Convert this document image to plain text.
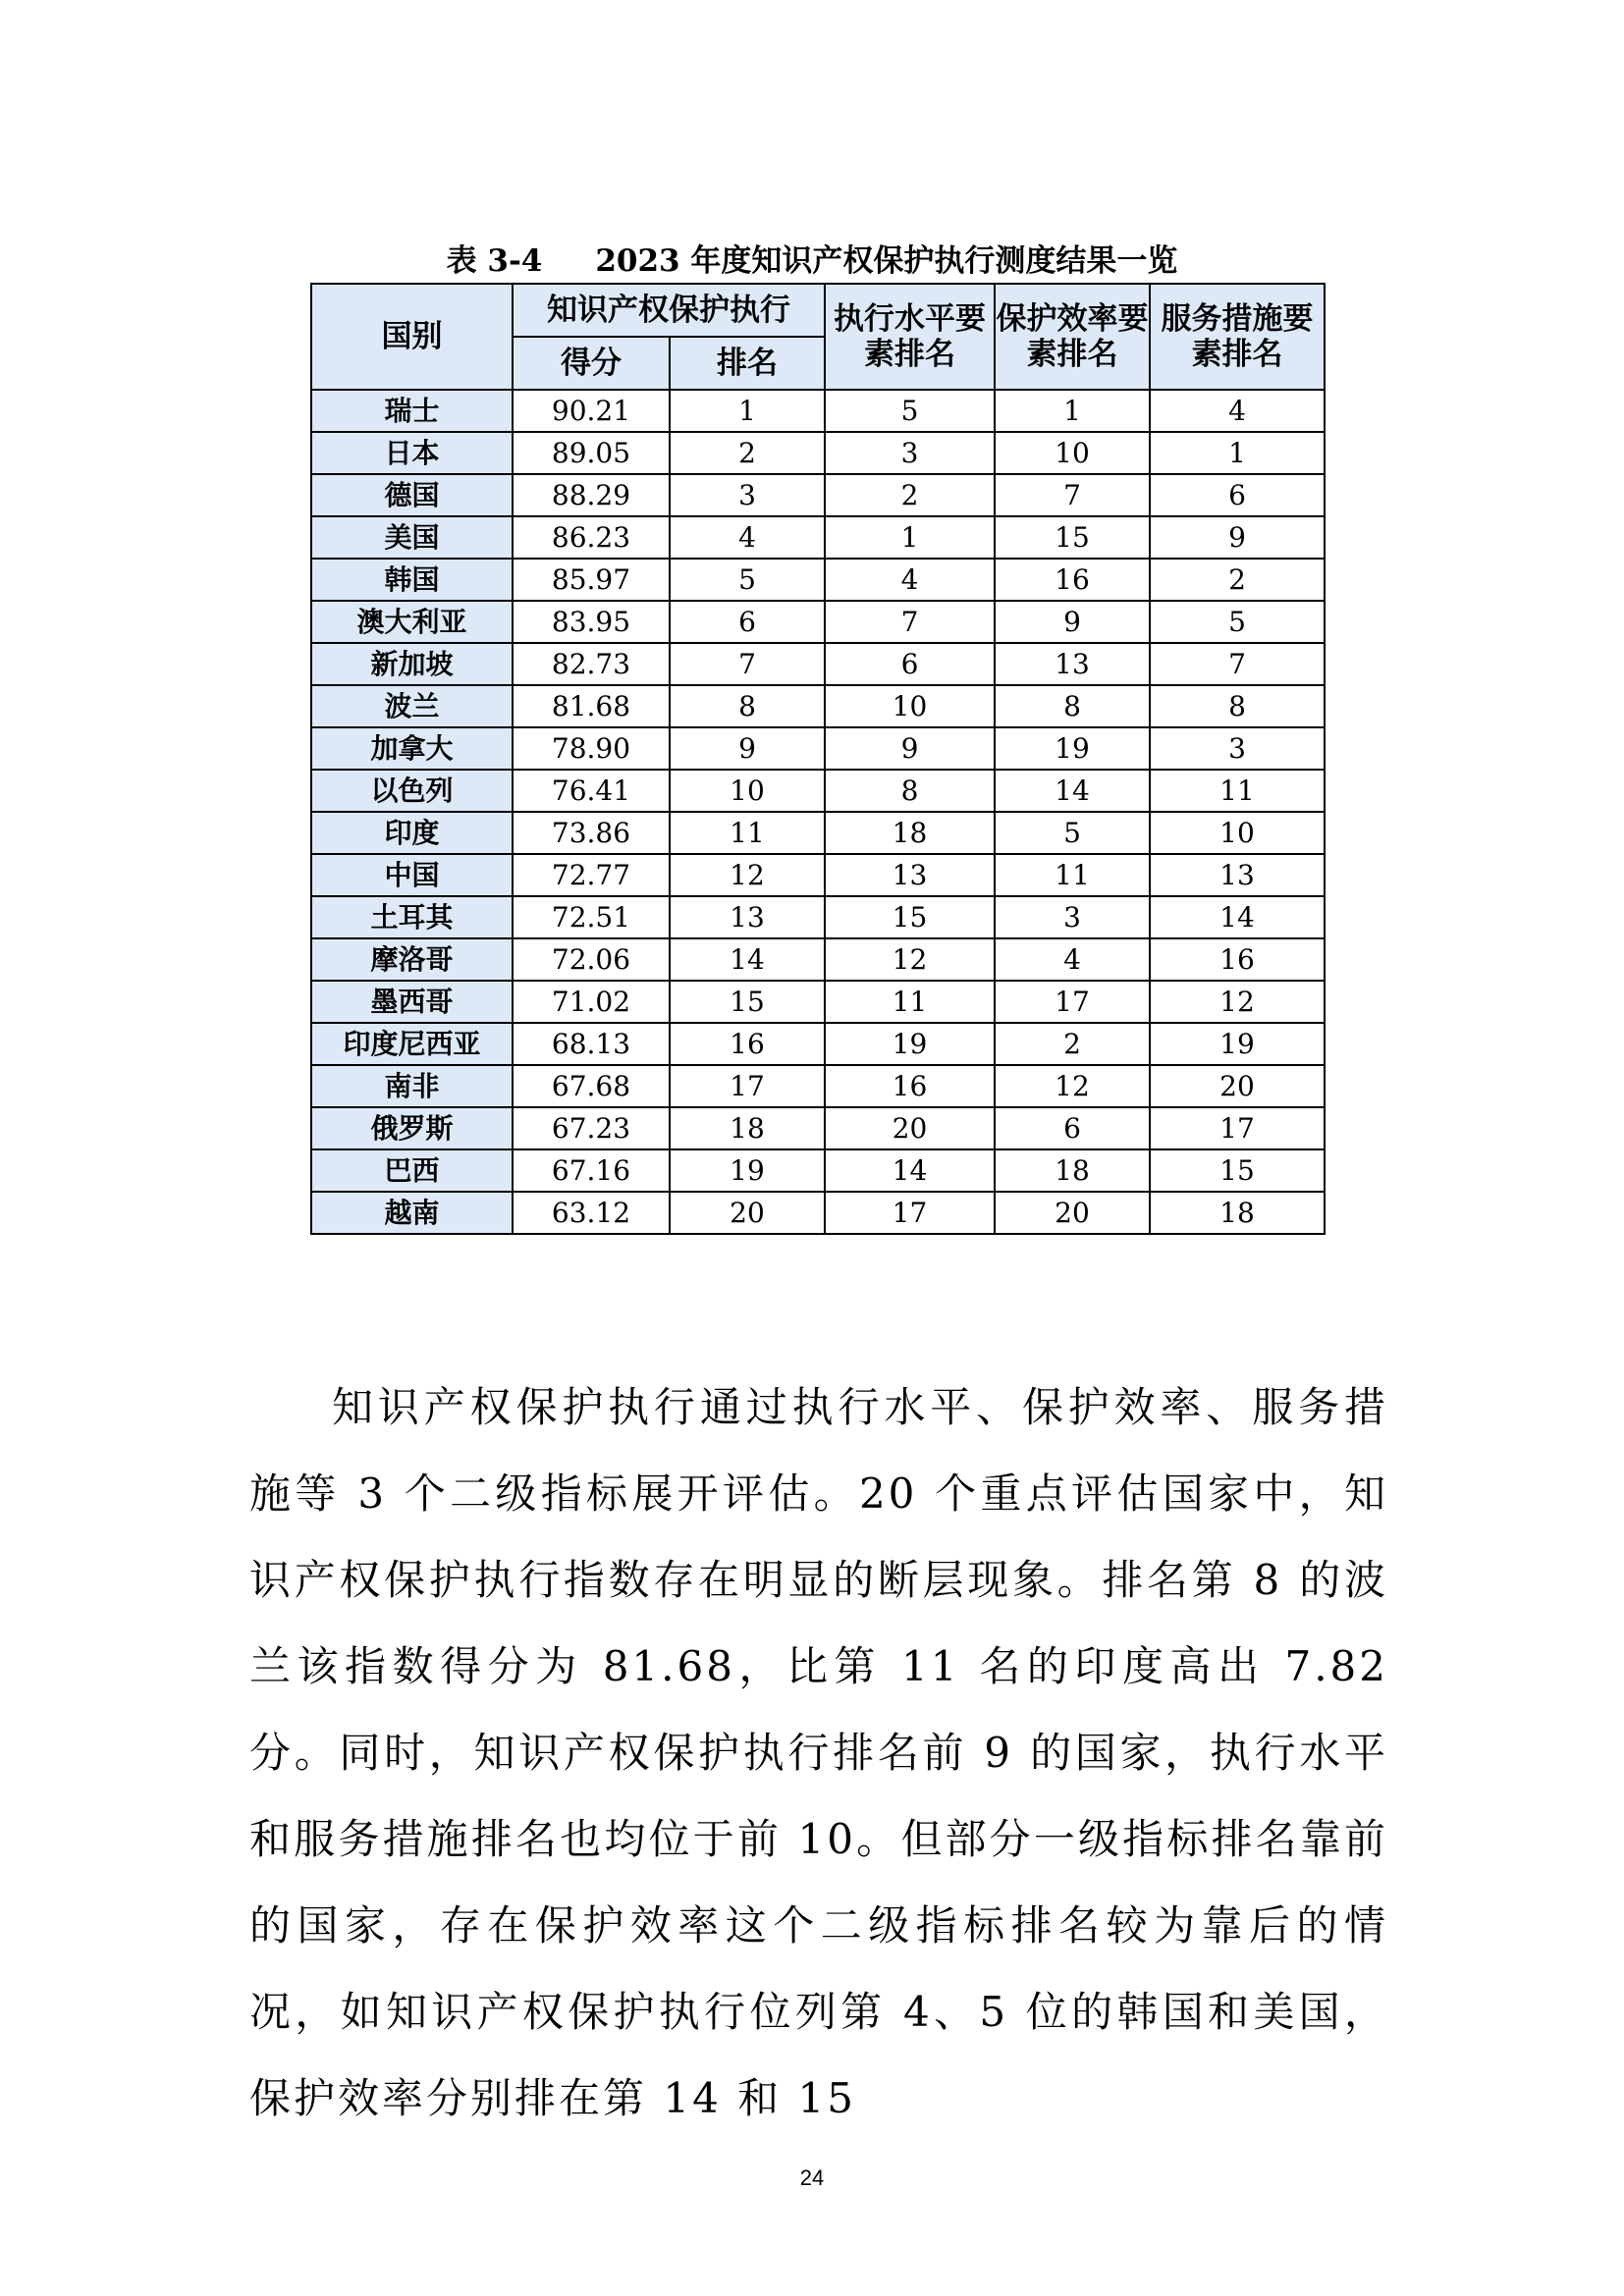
表 3-4     2023 年度知识产权保护执行测度结果一览
国别	知识产权保护执行		执行水平要素排名	保护效率要素排名	服务措施要素排名

	得分	排名			
瑞士	90.21	1	5	1	4
日本	89.05	2	3	10	1
德国	88.29	3	2	7	6
美国	86.23	4	1	15	9
韩国	85.97	5	4	16	2
澳大利亚	83.95	6	7	9	5
新加坡	82.73	7	6	13	7
波兰	81.68	8	10	8	8
加拿大	78.90	9	9	19	3
以色列	76.41	10	8	14	11
印度	73.86	11	18	5	10
中国	72.77	12	13	11	13
土耳其	72.51	13	15	3	14
摩洛哥	72.06	14	12	4	16
墨西哥	71.02	15	11	17	12
印度尼西亚	68.13	16	19	2	19
南非	67.68	17	16	12	20
俄罗斯	67.23	18	20	6	17
巴西	67.16	19	14	18	15
越南	63.12	20	17	20	18

知识产权保护执行通过执行水平、保护效率、服务措施等 3 个二级指标展开评估。20 个重点评估国家中，知识产权保护执行指数存在明显的断层现象。排名第 8 的波兰该指数得分为 81.68，比第 11 名的印度高出 7.82 分。同时，知识产权保护执行排名前 9 的国家，执行水平和服务措施排名也均位于前 10。但部分一级指标排名靠前的国家，存在保护效率这个二级指标排名较为靠后的情况，如知识产权保护执行位列第 4、5 位的韩国和美国，保护效率分别排在第 14 和 15

24
